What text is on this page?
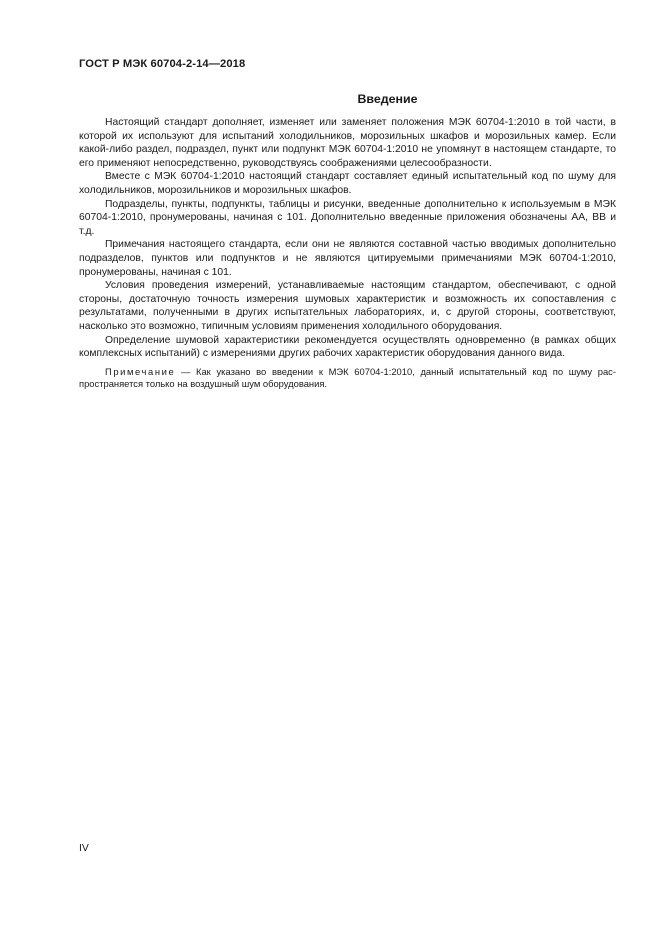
ГОСТ Р МЭК 60704-2-14—2018
Введение

Настоящий стандарт дополняет, изменяет или заменяет положения МЭК 60704-1:2010 в той части, в которой их используют для испытаний холодильников, морозильных шкафов и морозильных камер. Если какой-либо раздел, подраздел, пункт или подпункт МЭК 60704-1:2010 не упомянут в настоящем стандарте, то его применяют непосредственно, руководствуясь соображениями целесообразности.

Вместе с МЭК 60704-1:2010 настоящий стандарт составляет единый испытательный код по шуму для холодильников, морозильников и морозильных шкафов.

Подразделы, пункты, подпункты, таблицы и рисунки, введенные дополнительно к используемым в МЭК 60704-1:2010, пронумерованы, начиная с 101. Дополнительно введенные приложения обозначены АА, ВВ и т.д.

Примечания настоящего стандарта, если они не являются составной частью вводимых дополнительно подразделов, пунктов или подпунктов и не являются цитируемыми примечаниями МЭК 60704-1:2010, пронумерованы, начиная с 101.

Условия проведения измерений, устанавливаемые настоящим стандартом, обеспечивают, с одной стороны, достаточную точность измерения шумовых характеристик и возможность их сопоставления с результатами, полученными в других испытательных лабораториях, и, с другой стороны, соответствуют, насколько это возможно, типичным условиям применения холодильного оборудования.

Определение шумовой характеристики рекомендуется осуществлять одновременно (в рамках общих комплексных испытаний) с измерениями других рабочих характеристик оборудования данного вида.

Примечание — Как указано во введении к МЭК 60704-1:2010, данный испытательный код по шуму распространяется только на воздушный шум оборудования.

IV
